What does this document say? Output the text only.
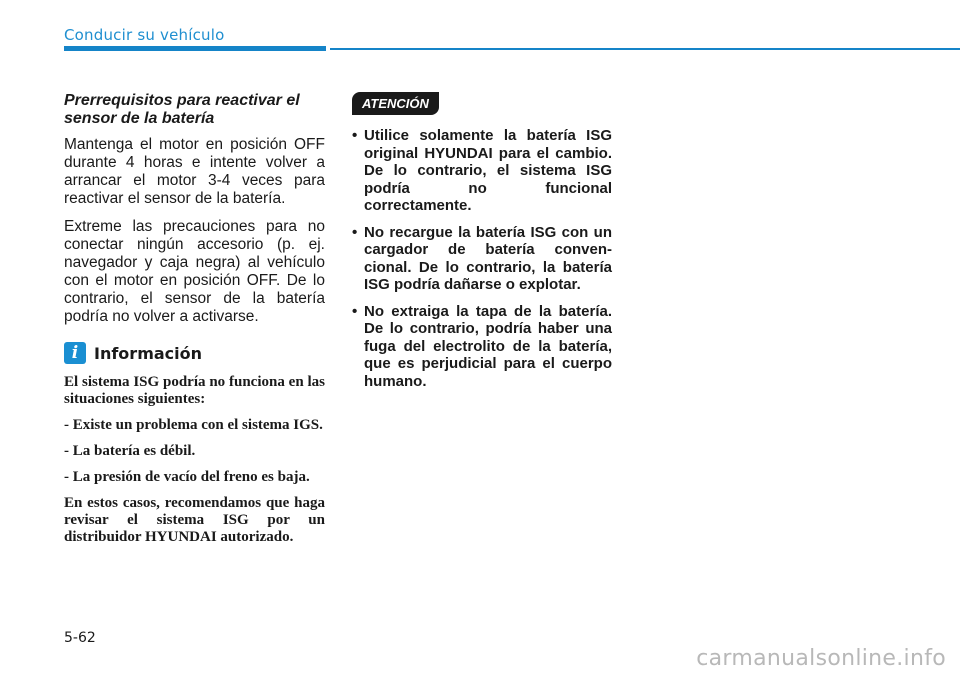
Conducir su vehículo

Prerrequisitos para reactivar el sensor de la batería

Mantenga el motor en posición OFF durante 4 horas e intente volver a arrancar el motor 3-4 veces para reactivar el sensor de la batería.

Extreme las precauciones para no conectar ningún accesorio (p. ej. navegador y caja negra) al vehículo con el motor en posición OFF. De lo contrario, el sensor de la batería podría no volver a activarse.

i Información

El sistema ISG podría no funciona en las situaciones siguientes:

- Existe un problema con el sistema IGS.

- La batería es débil.

- La presión de vacío del freno es baja.

En estos casos, recomendamos que haga revisar el sistema ISG por un distribuidor HYUNDAI autorizado.

ATENCIÓN
• Utilice solamente la batería ISG original HYUNDAI para el cambio. De lo contrario, el sistema ISG podría no funcional correctamente.
• No recargue la batería ISG con un cargador de batería conven-cional. De lo contrario, la batería ISG podría dañarse o explotar.
• No extraiga la tapa de la batería. De lo contrario, podría haber una fuga del electrolito de la batería, que es perjudicial para el cuerpo humano.
5-62
carmanualsonline.info
